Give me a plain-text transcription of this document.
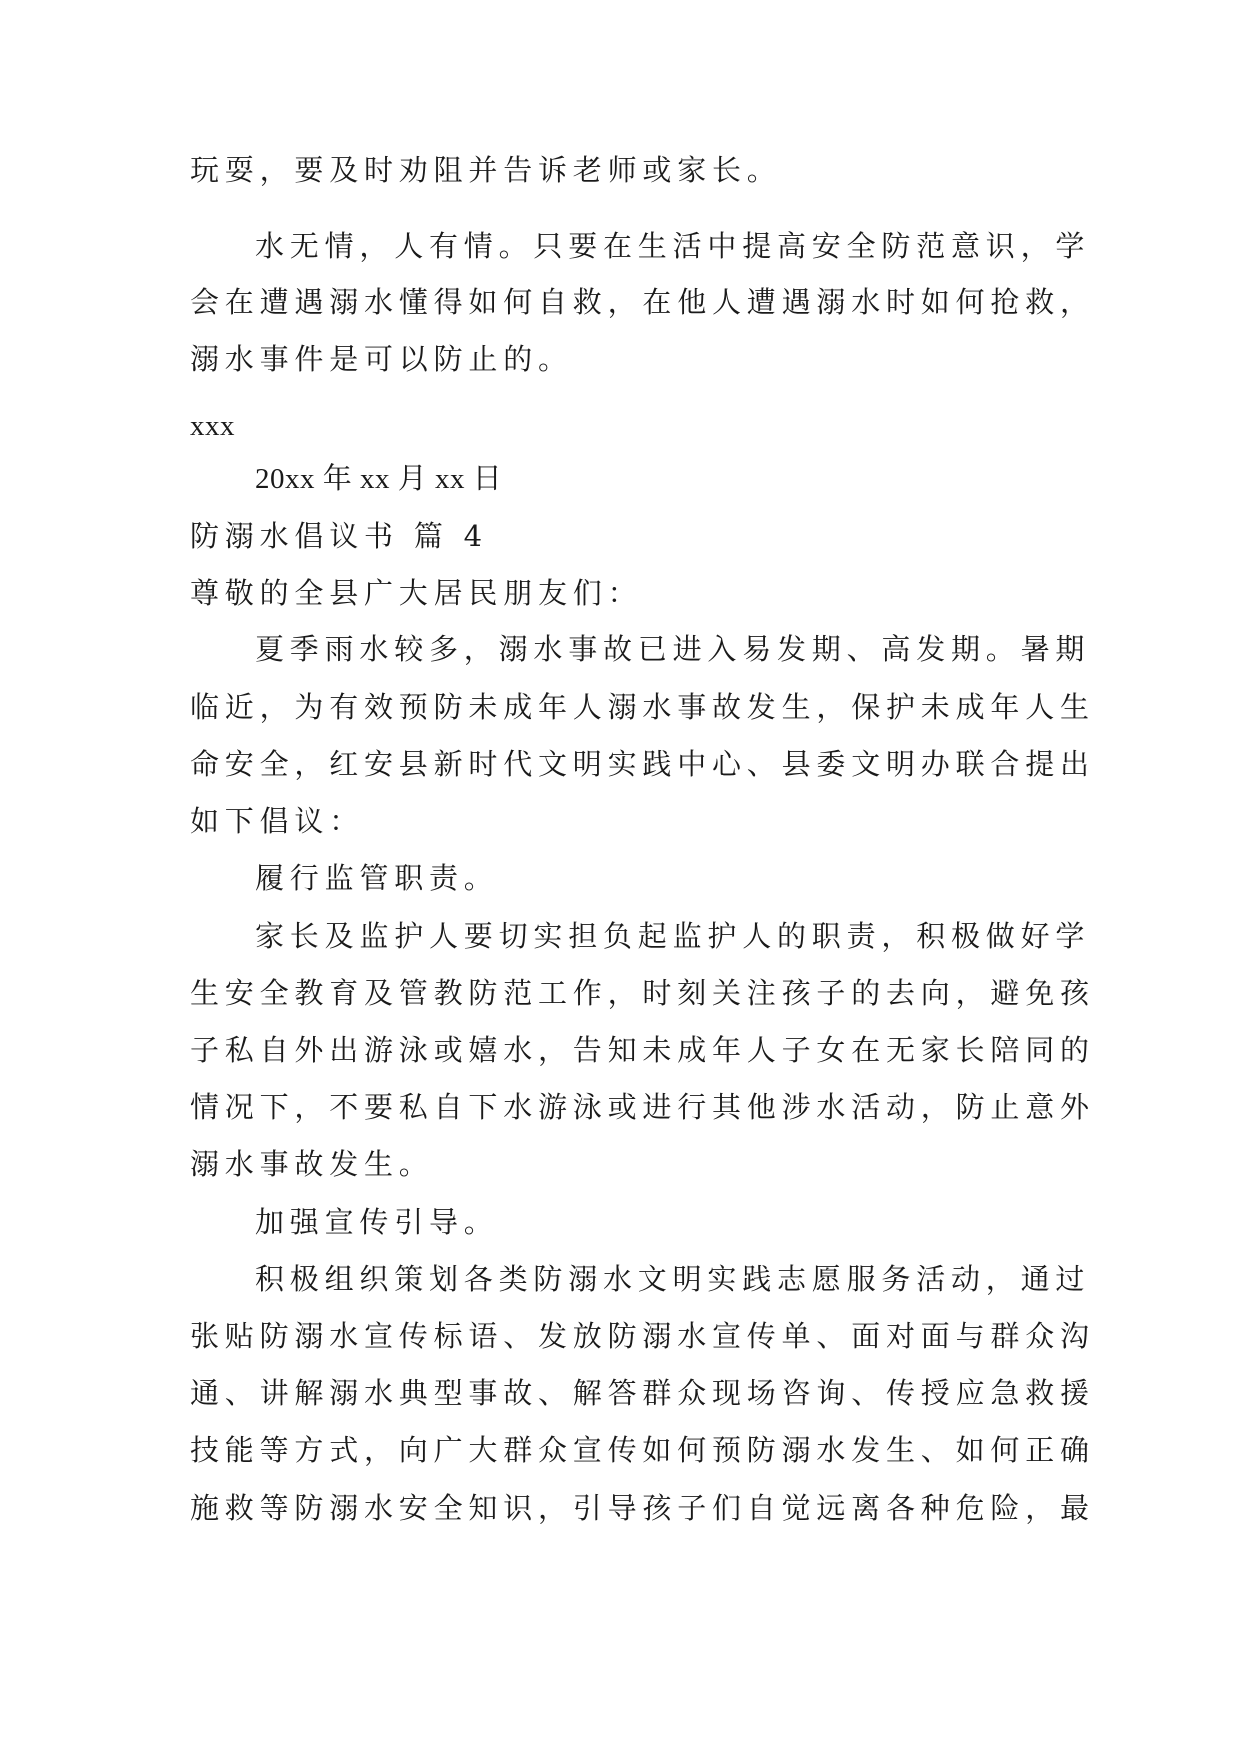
玩耍，要及时劝阻并告诉老师或家长。
水无情，人有情。只要在生活中提高安全防范意识，学
会在遭遇溺水懂得如何自救，在他人遭遇溺水时如何抢救，
溺水事件是可以防止的。
xxx
20xx 年 xx 月 xx 日
防溺水倡议书 篇 4
尊敬的全县广大居民朋友们：
夏季雨水较多，溺水事故已进入易发期、高发期。暑期
临近，为有效预防未成年人溺水事故发生，保护未成年人生
命安全，红安县新时代文明实践中心、县委文明办联合提出
如下倡议：
履行监管职责。
家长及监护人要切实担负起监护人的职责，积极做好学
生安全教育及管教防范工作，时刻关注孩子的去向，避免孩
子私自外出游泳或嬉水，告知未成年人子女在无家长陪同的
情况下，不要私自下水游泳或进行其他涉水活动，防止意外
溺水事故发生。
加强宣传引导。
积极组织策划各类防溺水文明实践志愿服务活动，通过
张贴防溺水宣传标语、发放防溺水宣传单、面对面与群众沟
通、讲解溺水典型事故、解答群众现场咨询、传授应急救援
技能等方式，向广大群众宣传如何预防溺水发生、如何正确
施救等防溺水安全知识，引导孩子们自觉远离各种危险，最
